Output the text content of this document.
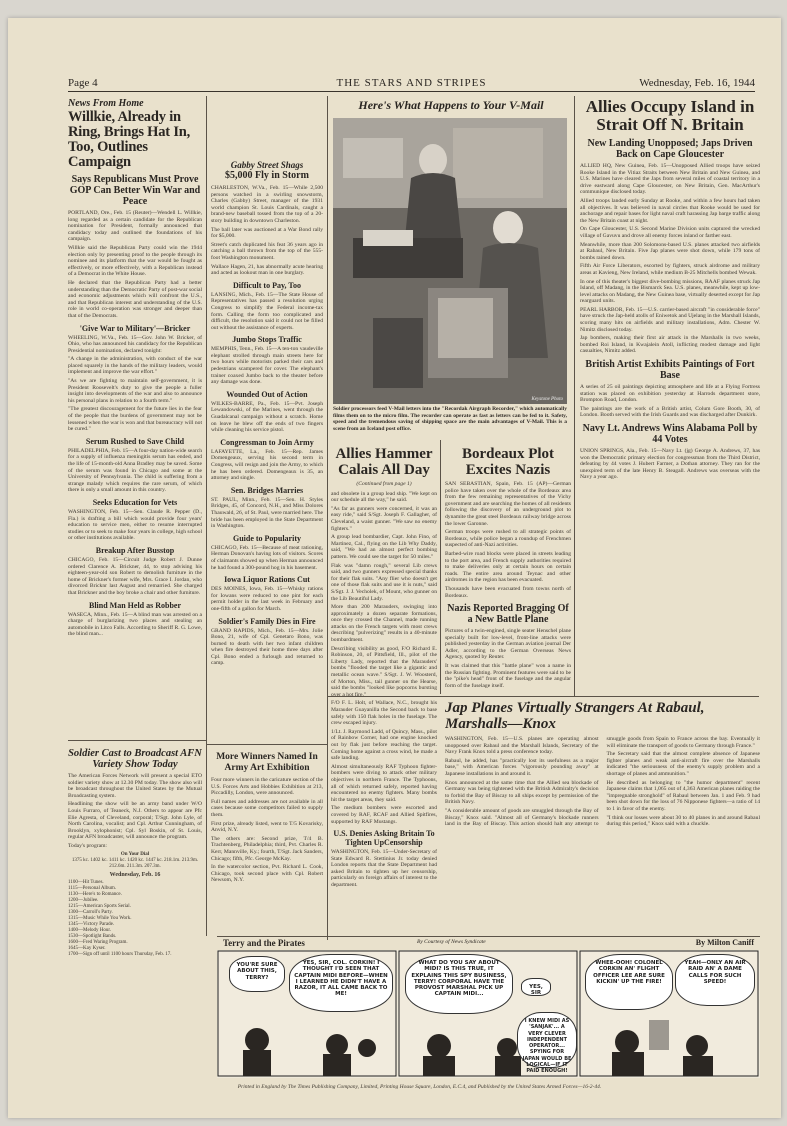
Page 4	THE STARS AND STRIPES	Wednesday, Feb. 16, 1944
News From Home
Willkie, Already in Ring, Brings Hat In, Too, Outlines Campaign
Says Republicans Must Prove GOP Can Better Win War and Peace
PORTLAND, Ore., Feb. 15 (Reuter)—Wendell L. Willkie, long regarded as a certain candidate for the Republican nomination for President, formally announced that candidacy today and outlined the foundations of his campaign.
Willkie said the Republican Party could win the 1944 election only by presenting proof to the people through its nominee and its platform that the war would be fought as effectively, or more effectively, with a Republican instead of a Democrat in the White House.
He declared that the Republican Party had a better understanding than the Democratic Party of post-war social and economic adjustments which will confront the U.S., and that Republican interest and understanding of the U.S. role in world co-operation was stronger and deeper than that of the Democrats.
'Give War to Military'—Bricker
WHEELING, W.Va., Feb. 15—Gov. John W. Bricker, of Ohio, who has announced his candidacy for the Republican Presidential nomination, declared tonight:
"A change in the administration, with conduct of the war placed squarely in the hands of the military leaders, would implement and improve the war effort."
"As we are fighting to maintain self-government, it is President Roosevelt's duty to give the people a fuller insight into developments of the war and also to announce his personal plans in relation to a fourth term."
"The greatest discouragement for the future lies in the fear of the people that the burdens of government may not be lessened when the war is won and that bureaucracy will not be cured."
Serum Rushed to Save Child
PHILADELPHIA, Feb. 15—A four-day nation-wide search for a supply of influenza meningitis serum has ended, and the life of 15-month-old Anna Bradley may be saved. Some of the serum was found in Chicago and some at the University of Pennsylvania. The child is suffering from a strange malady which requires the rare serum, of which there is only a small amount in this country.
Seeks Education for Vets
WASHINGTON, Feb. 15—Sen. Claude R. Pepper (D., Fla.) is drafting a bill which would provide four years' education to service men, either to resume interrupted studies or to seek to make four years in college, high school or other institutions available.
Breakup After Busstop
CHICAGO, Feb. 15—Circuit Judge Robert J. Dunne ordered Clarence A. Brickner, 44, to stop advising his eighteen-year-old son Robert to demolish furniture in the home of Brickner's former wife, Mrs. Grace I. Jordan, who divorced Bricknr last August and remarried. She charged that Brickner and the boy broke a chair and other furniture.
Blind Man Held as Robber
WASECA, Minn., Feb. 15—A blind man was arrested on a charge of burglarizing two places and stealing an automobile in Litco Falls. According to Sheriff R. G. Lowe, the blind man...
Soldier Cast to Broadcast AFN Variety Show Today
The American Forces Network will present a special ETO soldier variety show at 12.30 PM today. The show also will be broadcast throughout the United States by the Mutual Broadcasting system.
Headlining the show will be an army band under W/O Louis Furraro, of Teaneck, N.J. Others to appear are Pfc Elie Agresta, of Cleveland, corporal; T/Sgt. John Lyle, of North Carolina, vocalist; and Cpl. Arthur Cunningham, of Brooklyn, xylophonist; Cpl. Syl Boskin, of St. Louis, regular AFN broadcaster, will announce the program.
Today's program:
On Your Dial
1375 kc. 1402 kc. 1411 kc. 1420 kc. 1447 kc. 218.1m. 213.9m. 212.6m. 211.3m. 207.3m.
Wednesday, Feb. 16
1100—Hit Tunes.
1115—Personal Album.
1130—Here's to Romance.
1200—Jubilee.
1215—American Sports Serial.
1300—Carroll's Party.
1315—Music While You Work.
1345—Victory Parade.
1400—Melody Hour.
1530—Spotlight Bands.
1600—Fred Waring Program.
1645—Kay Kyser.
1700—Sign off until 1100 hours Thursday, Feb. 17.
Gabby Street Shags
$5,000 Fly in Storm
CHARLESTON, W.Va., Feb. 15—While 2,500 persons watched in a swirling snowstorm, Charles (Gabby) Street, manager of the 1931 world champion St. Louis Cardinals, caught a brand-new baseball tossed from the top of a 20-story building in downtown Charleston.
The ball later was auctioned at a War Bond rally for $5,000.
Street's catch duplicated his feat 36 years ago in catching a ball thrown from the top of the 555-foot Washington monument.
Wallace Hagen, 21, has abnormally acute hearing and acted as lookout man in one burglary.
Difficult to Pay, Too
LANSING, Mich., Feb. 15—The State House of Representatives has passed a resolution urging Congress to simplify the Federal income-tax form. Calling the form too complicated and difficult, the resolution said it could not be filled out without the assistance of experts.
Jumbo Stops Traffic
MEMPHIS, Tenn., Feb. 15—A ten-ton vaudeville elephant strolled through main streets here for two hours while motorists parked their cars and pedestrians scampered for cover. The elephant's trainer coaxed Jumbo back to the theater before any damage was done.
Wounded Out of Action
WILKES-BARRE, Pa., Feb. 15—Pvt. Joseph Lewandowski, of the Marines, went through the Guadalcanal campaign without a scratch. Home on leave he blew off the ends of two fingers while cleaning his service pistol.
Congressman to Join Army
LAFAYETTE, La., Feb. 15—Rep. James Domengeaux, serving his second term in Congress, will resign and join the Army, to which he has been ordered. Domengeaux is 35, an attorney and single.
Sen. Bridges Marries
ST. PAUL, Minn., Feb. 15—Sen. H. Styles Bridges, 45, of Concord, N.H., and Miss Dolores Thauwald, 26, of St. Paul, were married here. The bride has been employed in the State Department in Washington.
Guide to Popularity
CHICAGO, Feb. 15—Because of meat rationing, Herman Donovan's having lots of visitors. Scores of claimants showed up when Herman announced he had found a 300-pound hog in his basement.
Iowa Liquor Rations Cut
DES MOINES, Iowa, Feb. 15—Whisky rations for Iowans were reduced to one pint for each permit holder in the last week in February and one-fifth of a gallon for March.
Soldier's Family Dies in Fire
GRAND RAPIDS, Mich., Feb. 15—Mrs. Jolie Bono, 21, wife of Cpl. Genetaro Bono, was burned to death with her two infant children when fire destroyed their home three days after Cpl. Bono ended a furlough and returned to camp.
More Winners Named In Army Art Exhibition
Four more winners in the caricature section of the U.S. Forces Arts and Hobbies Exhibition at 213, Piccadilly, London, were announced.
Full names and addresses are not available in all cases because some competitors failed to supply them.
First prize, already listed, went to T/5 Kovarisky, Anvid, N.Y.
The others are: Second prize, T/4 B. Trachtenberg, Philadelphia; third, Pvt. Charles R. Kerr, Mannville, Ky.; fourth, T/Sgt. Jack Sanders, Chicago; fifth, Pfc. George McKay.
In the watercolor section, Pvt. Richard L. Cook, Chicago, took second place with Cpl. Robert Newsom, N.Y.
Here's What Happens to Your V-Mail
Keystone Photo
Soldier processors feed V-Mail letters into the "Recordak Airgraph Recorder," which automatically films them on to the micro film. The recorder can operate as fast as letters can be fed to it. Safety, speed and the tremendous saving of shipping space are the main advantages of V-Mail. This is a scene from an Iceland post office.
Allies Occupy Island in Strait Off N. Britain
New Landing Unopposed; Japs Driven Back on Cape Gloucester
ALLIED HQ, New Guinea, Feb. 15—Unopposed Allied troops have seized Rooke Island in the Vitiaz Straits between New Britain and New Guinea, and U.S. Marines have cleared the Japs from several miles of coastal territory in a drive eastward along Cape Gloucester, on New Britain, Gen. MacArthur's communique disclosed today.
Allied troops landed early Sunday at Rooke, and within a few hours had taken all objectives. It was believed in naval circles that Rooke would be used for anchorage and repair bases for light naval craft harassing Jap barge traffic along the New Britain coast at night.
On Cape Gloucester, U.S. Second Marine Division units captured the wrecked village of Gavuvu and drove all enemy forces inland or farther east.
Meanwhile, more than 200 Solomons-based U.S. planes attacked two airfields at Rabaul, New Britain. Five Jap planes were shot down, while 179 tons of bombs rained down.
Fifth Air Force Liberators, escorted by fighters, struck airdrome and military areas at Kavieng, New Ireland, while medium B-25 Mitchells bombed Wewak.
In one of this theater's biggest dive-bombing missions, RAAF planes struck Jap Island, off Madang, in the Bismarck Sea. U.S. planes, meanwhile, kept up low-level attacks on Madang, the New Guinea base, virtually deserted except for Jap rearguard units.
PEARL HARBOR, Feb. 15—U.S. carrier-based aircraft "in considerable force" have struck the Jap-held atolls of Eniwetok and Ujelang in the Marshall Islands, scoring many hits on airfields and military installations, Adm. Chester W. Nimitz disclosed today.
Jap bombers, making their first air attack in the Marshalls in two weeks, bombed Roi Island, in Kwajalein Atoll, inflicting modest damage and light casualties, Nimitz added.
British Artist Exhibits Paintings of Fort Base
A series of 25 oil paintings depicting atmosphere and life at a Flying Fortress station was placed on exhibition yesterday at Harrods department store, Brompton Road, London.
The paintings are the work of a British artist, Colum Gore Booth, 30, of London. Booth served with the Irish Guards and was discharged after Dunkirk.
Navy Lt. Andrews Wins Alabama Poll by 44 Votes
UNION SPRINGS, Ala., Feb. 15—Navy Lt. (jg) George A. Andrews, 37, has won the Democratic primary election for congressman from the Third District, defeating by 44 votes J. Hubert Farmer, a Dothan attorney. They ran for the unexpired term of the late Henry B. Steagall. Andrews was overseas with the Navy a year ago.
Allies Hammer Calais All Day
(Continued from page 1)
and obsolete in a group lead ship. "We kept on our schedule all the way," he said.
"As far as gunners were concerned, it was an easy ride," said S/Sgt. Joseph F. Gallagher, of Cleveland, a waist gunner. "We saw no enemy fighters."
A group lead bombardier, Capt. John Fino, of Martinez, Cal., flying on the Lib Why Daddy, said, "We had an almost perfect bombing pattern. We could see the target for 50 miles."
Flak was "damn rough," several Lib crews said, and two gunners expressed special thanks for their flak suits. "Any flier who doesn't get one of those flak suits and use it is nuts," said S/Sgt. J. J. Vecholek, of Mount, who gunner on the Lib Beautiful Lady.
More than 200 Marauders, swinging into approximately a dozen separate formations, once they crossed the Channel, made running attacks on the French targets with most crews describing "pulverizing" results in a 40-minute bombardment.
Describing visibility as good, F/O Richard E. Robinson, 20, of Pittsfield, Ill., pilot of the Liberty Lady, reported that the Marauders' bombs "flooded the target like a gigantic and metallic ocean wave." S/Sgt. J. W. Woosterd, of Morton, Miss., tail gunner on the Hearse, said the bombs "looked like popcorns bursting over a hot fire."
F/O F. L. Holt, of Wallace, N.C., brought his Marauder Guayanilla the Second back to base safely with 150 flak holes in the fuselage. The crew escaped injury.
1/Lt. J. Raymond Ladd, of Quincy, Mass., pilot of Rainbow Corner, had one engine knocked out by flak just before reaching the target. Coming home against a cross wind, he made a safe landing.
Almost simultaneously RAF Typhoon fighter-bombers were diving to attack other military objectives in northern France. The Typhoons, all of which returned safely, reported having encountered no enemy fighters. Many bombs hit the target areas, they said.
The medium bombers were escorted and covered by RAF, RCAF and Allied Spitfires, supported by RAF Mustangs.
U.S. Denies Asking Britain To Tighten UpCensorship
WASHINGTON, Feb. 15—Under-Secretary of State Edward R. Stettinius Jr. today denied London reports that the State Department had asked Britain to tighten up her censorship, particularly on foreign affairs of interest to the department.
Bordeaux Plot Excites Nazis
SAN SEBASTIAN, Spain, Feb. 15 (AP)—German police have taken over the whole of the Bordeaux area from the few remaining representatives of the Vichy government and are searching the homes of all residents following the discovery of an underground plot to dynamite the great steel Bordeaux railway bridge across the lower Garonne.
German troops were rushed to all strategic points of Bordeaux, while police began a roundup of Frenchmen suspected of anti-Nazi activities.
Barbed-wire road blocks were placed in streets leading to the port area, and French supply authorities required to make deliveries only at certain hours on certain roads. The entire area around Teynac and other airdromes in the region has been evacuated.
Thousands have been evacuated from towns north of Bordeaux.
Nazis Reported Bragging Of a New Battle Plane
Pictures of a twin-engined, single seater Henschel plane specially built for low-level, front-line attacks were published yesterday in the German aviation journal Der Adler, according to the German Overseas News Agency, quoted by Reuter.
It was claimed that this "battle plane" won a name in the Russian fighting. Prominent features were said to be the "pike's head" front of the fuselage and the angular form of the fuselage itself.
Jap Planes Virtually Strangers At Rabaul, Marshalls—Knox
WASHINGTON, Feb. 15—U.S. planes are operating almost unopposed over Rabaul and the Marshall Islands, Secretary of the Navy Frank Knox told a press conference today.
Rabaul, he added, has "practically lost its usefulness as a major base," with American forces "vigorously pounding away" at Japanese installations in and around it.
Knox announced at the same time that the Allied sea blockade of Germany was being tightened with the British Admiralty's decision to forbid the Bay of Biscay to all ships except by permission of the British Navy.
"A considerable amount of goods are smuggled through the Bay of Biscay," Knox said. "Almost all of Germany's blockade runners land in the Bay of Biscay. This action should halt any attempt to smuggle goods from Spain to France across the bay. Eventually it will eliminate the transport of goods to Germany through France."
The Secretary said that the almost complete absence of Japanese fighter planes and weak anti-aircraft fire over the Marshalls indicated "the seriousness of the enemy's supply problem and a shortage of planes and ammunition."
He described as belonging to "the humor department" recent Japanese claims that 1,065 out of 4,363 American planes raiding the "impregnable stronghold" of Rabaul between Jan. 1 and Feb. 9 had been shot down for the loss of 76 Nipponese fighters—a ratio of 14 to 1 in favor of the enemy.
"I think our losses were about 30 to 40 planes in and around Rabaul during this period," Knox said with a chuckle.
Terry and the Pirates	By Courtesy of News Syndicate	By Milton Caniff
YOU'RE SURE ABOUT THIS, TERRY?
YES, SIR, COL. CORKIN! I THOUGHT I'D SEEN THAT CAPTAIN MIDI BEFORE—WHEN I LEARNED HE DIDN'T HAVE A RAZOR, IT ALL CAME BACK TO ME!
WHAT DO YOU SAY ABOUT MIDI? IS THIS TRUE, IT EXPLAINS THIS SPY BUSINESS, TERRY! CORPORAL HAVE THE PROVOST MARSHAL PICK UP CAPTAIN MIDI...
YES, SIR
I KNEW MIDI AS 'SANJAK'... A VERY CLEVER INDEPENDENT OPERATOR... SPYING FOR JAPAN WOULD BE LOGICAL—IF IT PAID ENOUGH!
WHEE-OOH! COLONEL CORKIN AN' FLIGHT OFFICER LEE ARE SURE KICKIN' UP THE FIRE!
YEAH—ONLY AN AIR RAID AN' A DAME CALLS FOR SUCH SPEED!
Printed in England by The Times Publishing Company, Limited, Printing House Square, London, E.C.4, and Published by the United States Armed Forces—16-2-44.
